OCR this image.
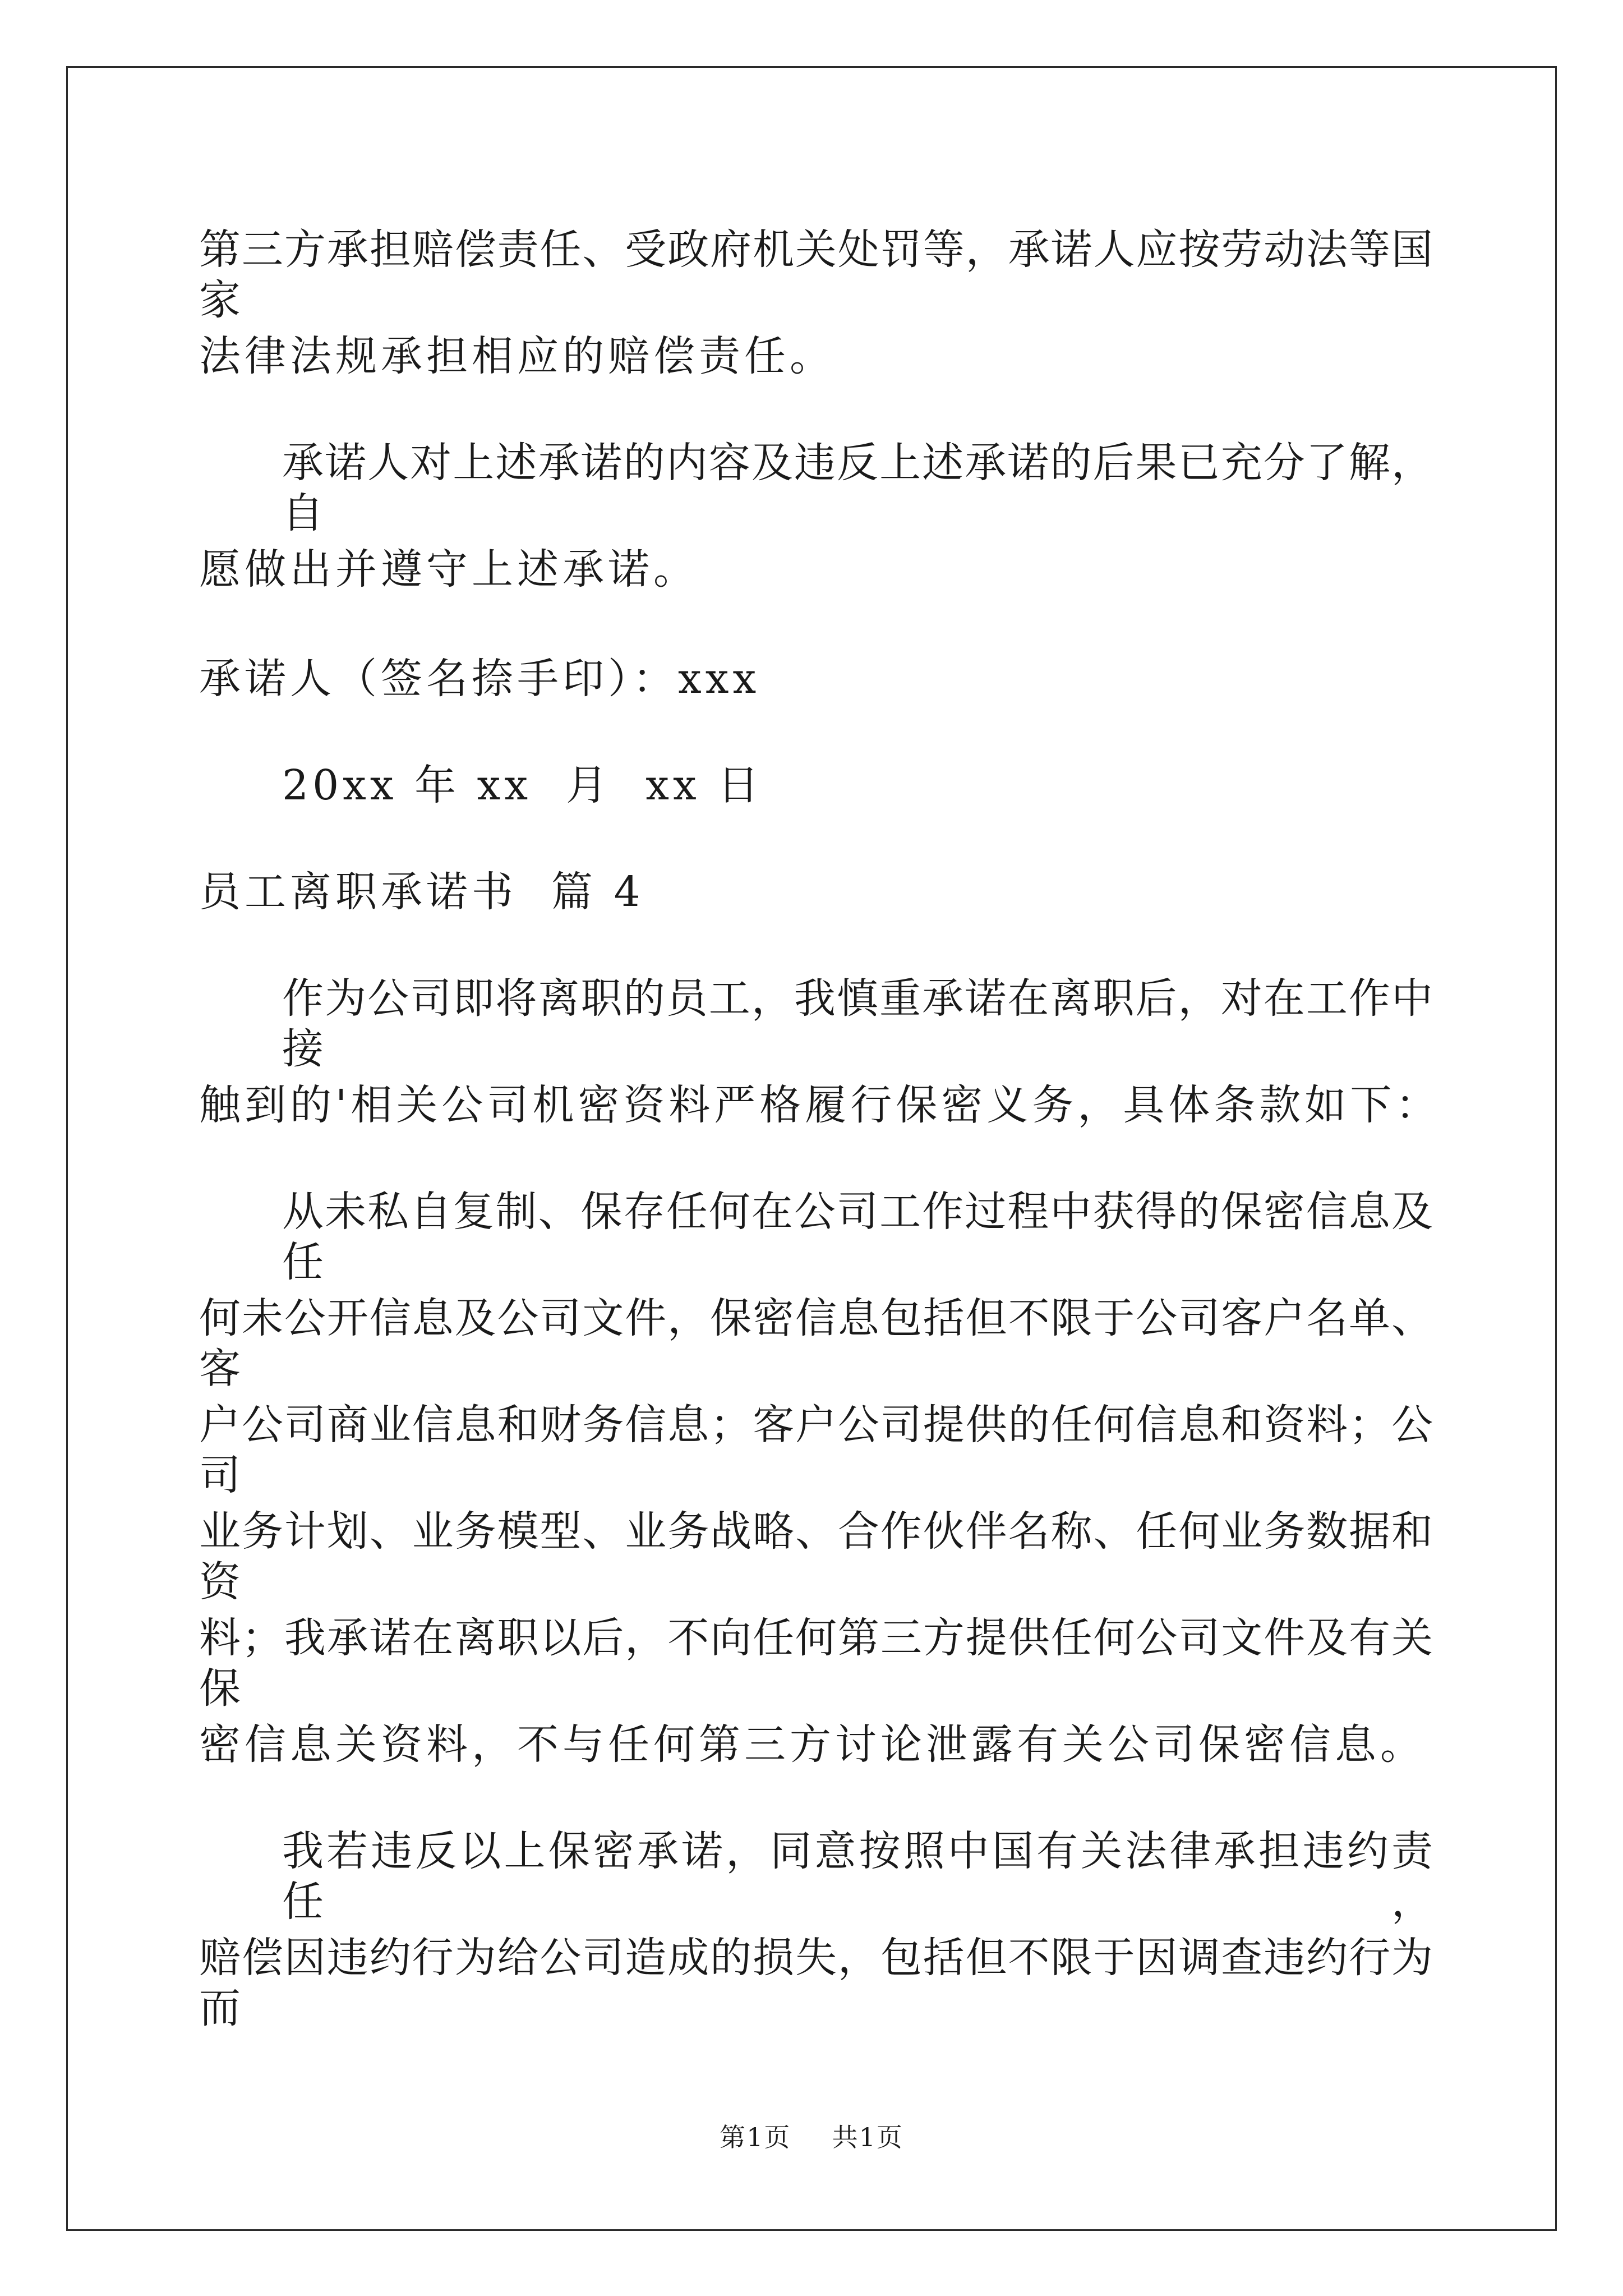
第三方承担赔偿责任、受政府机关处罚等，承诺人应按劳动法等国家
法律法规承担相应的赔偿责任。
承诺人对上述承诺的内容及违反上述承诺的后果已充分了解，自
愿做出并遵守上述承诺。
承诺人（签名捺手印）：xxx
20xx 年 xx  月  xx 日
员工离职承诺书  篇 4
作为公司即将离职的员工，我慎重承诺在离职后，对在工作中接
触到的'相关公司机密资料严格履行保密义务，具体条款如下：
从未私自复制、保存任何在公司工作过程中获得的保密信息及任
何未公开信息及公司文件，保密信息包括但不限于公司客户名单、客
户公司商业信息和财务信息；客户公司提供的任何信息和资料；公司
业务计划、业务模型、业务战略、合作伙伴名称、任何业务数据和资
料；我承诺在离职以后，不向任何第三方提供任何公司文件及有关保
密信息关资料，不与任何第三方讨论泄露有关公司保密信息。
我若违反以上保密承诺，同意按照中国有关法律承担违约责任，
赔偿因违约行为给公司造成的损失，包括但不限于因调查违约行为而
第1页  共1页
